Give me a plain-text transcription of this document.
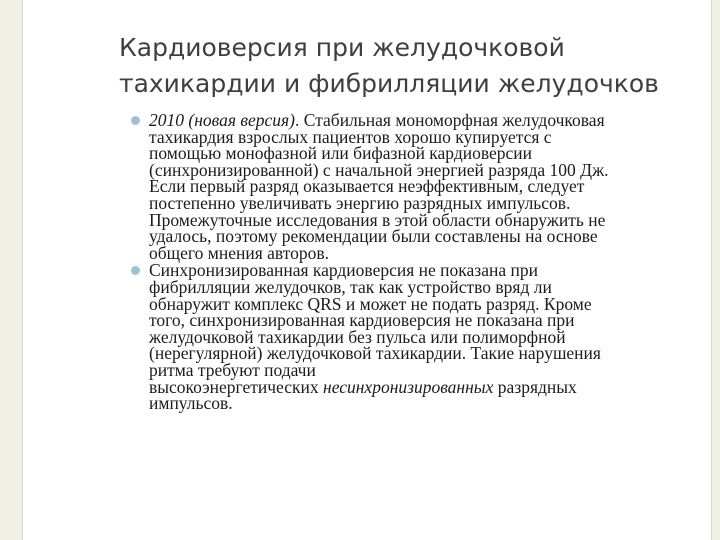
Кардиоверсия при желудочковой
тахикардии и фибрилляции желудочков
2010 (новая версия). Стабильная мономорфная желудочковая
тахикардия взрослых пациентов хорошо купируется с
помощью монофазной или бифазной кардиоверсии
(синхронизированной) с начальной энергией разряда 100 Дж.
Если первый разряд оказывается неэффективным, следует
постепенно увеличивать энергию разрядных импульсов.
Промежуточные исследования в этой области обнаружить не
удалось, поэтому рекомендации были составлены на основе
общего мнения авторов.
Синхронизированная кардиоверсия не показана при
фибрилляции желудочков, так как устройство вряд ли
обнаружит комплекс QRS и может не подать разряд. Кроме
того, синхронизированная кардиоверсия не показана при
желудочковой тахикардии без пульса или полиморфной
(нерегулярной) желудочковой тахикардии. Такие нарушения
ритма требуют подачи
высокоэнергетических несинхронизированных разрядных
импульсов.
